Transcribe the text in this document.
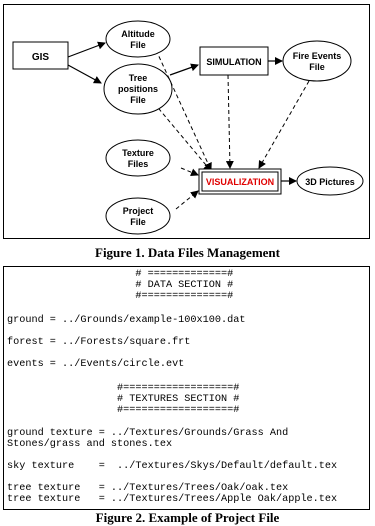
GIS
Altitude
File
Tree
positions
File
SIMULATION
Fire Events
File
Texture
Files
Project
File
VISUALIZATION	3D Pictures
Figure 1. Data Files Management
# =============#
# DATA SECTION #
#==============#
ground = ../Grounds/example-100x100.dat
forest = ../Forests/square.frt
events = ../Events/circle.evt
#==================#
# TEXTURES SECTION #
#==================#
ground texture = ../Textures/Grounds/Grass And
Stones/grass and stones.tex
sky texture    =  ../Textures/Skys/Default/default.tex
tree texture   = ../Textures/Trees/Oak/oak.tex
tree texture   = ../Textures/Trees/Apple Oak/apple.tex
Figure 2. Example of Project File
